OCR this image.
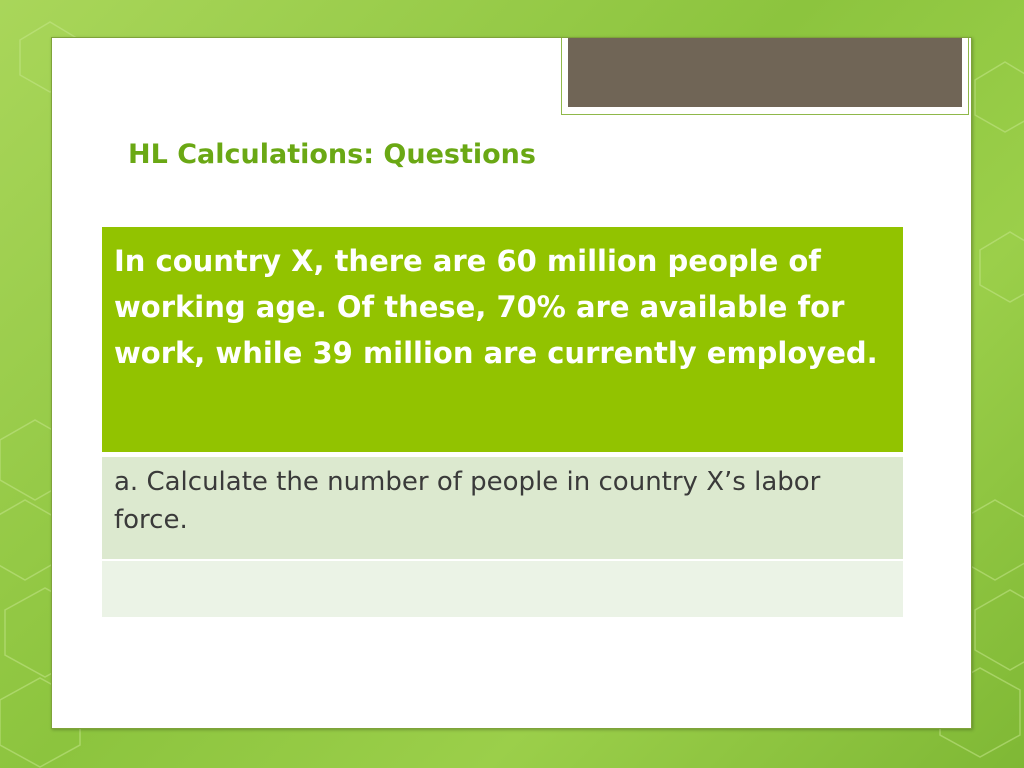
HL Calculations: Questions
In country X, there are 60 million people of working age. Of these, 70% are available for work, while 39 million are currently employed.
a. Calculate the number of people in country X’s labor force.
